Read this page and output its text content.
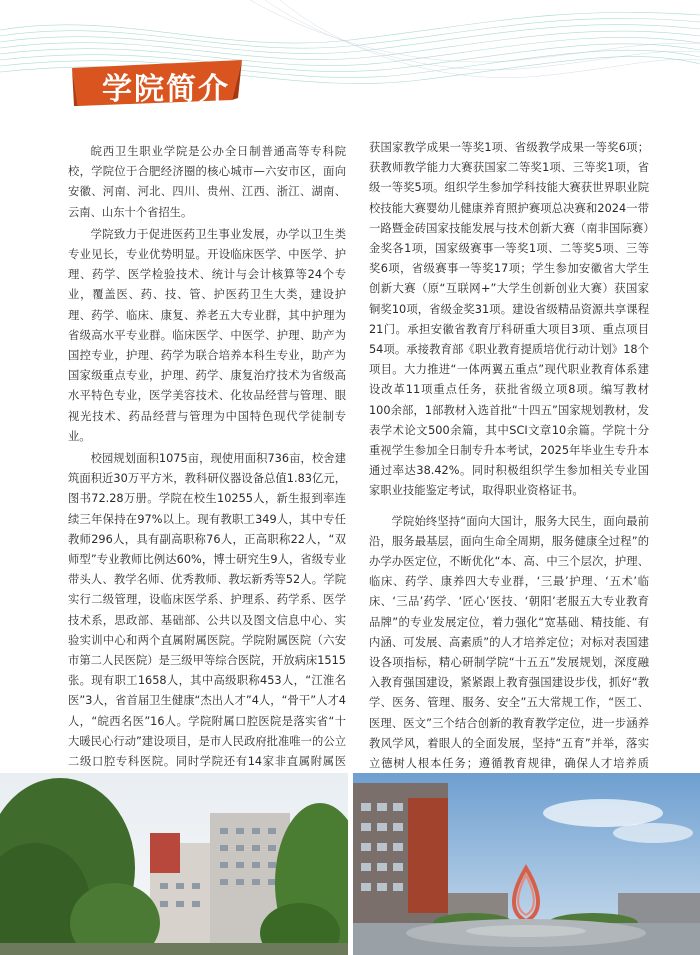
学院简介

皖西卫生职业学院是公办全日制普通高等专科院校，学院位于合肥经济圈的核心城市—六安市区，面向安徽、河南、河北、四川、贵州、江西、浙江、湖南、云南、山东十个省招生。

学院致力于促进医药卫生事业发展，办学以卫生类专业见长，专业优势明显。开设临床医学、中医学、护理、药学、医学检验技术、统计与会计核算等24个专业，覆盖医、药、技、管、护医药卫生大类，建设护理、药学、临床、康复、养老五大专业群，其中护理为省级高水平专业群。临床医学、中医学、护理、助产为国控专业，护理、药学为联合培养本科生专业，助产为国家级重点专业，护理、药学、康复治疗技术为省级高水平特色专业，医学美容技术、化妆品经营与管理、眼视光技术、药品经营与管理为中国特色现代学徒制专业。

校园规划面积1075亩，现使用面积736亩，校舍建筑面积近30万平方米，教科研仪器设备总值1.83亿元，图书72.28万册。学院在校生10255人，新生报到率连续三年保持在97%以上。现有教职工349人，其中专任教师296人，具有副高职称76人，正高职称22人，“双师型”专业教师比例达60%，博士研究生9人，省级专业带头人、教学名师、优秀教师、教坛新秀等52人。学院实行二级管理，设临床医学系、护理系、药学系、医学技术系，思政部、基础部、公共以及图文信息中心、实验实训中心和两个直属附属医院。学院附属医院（六安市第二人民医院）是三级甲等综合医院，开放病床1515张。现有职工1658人，其中高级职称453人，“江淮名医”3人，省首届卫生健康“杰出人才”4人，“骨干”人才4人，“皖西名医”16人。学院附属口腔医院是落实省“十大暖民心行动”建设项目，是市人民政府批准唯一的公立二级口腔专科医院。同时学院还有14家非直属附属医

获国家教学成果一等奖1项、省级教学成果一等奖6项；获教师教学能力大赛获国家二等奖1项、三等奖1项，省级一等奖5项。组织学生参加学科技能大赛获世界职业院校技能大赛婴幼儿健康养育照护赛项总决赛和2024一带一路暨金砖国家技能发展与技术创新大赛（南非国际赛）金奖各1项，国家级赛事一等奖1项、二等奖5项、三等奖6项，省级赛事一等奖17项；学生参加安徽省大学生创新大赛（原“互联网+”大学生创新创业大赛）获国家铜奖10项，省级金奖31项。建设省级精品资源共享课程21门。承担安徽省教育厅科研重大项目3项、重点项目54项。承接教育部《职业教育提质培优行动计划》18个项目。大力推进“一体两翼五重点”现代职业教育体系建设改革11项重点任务，获批省级立项8项。编写教材100余部，1部教材入选首批“十四五”国家规划教材，发表学术论文500余篇，其中SCI文章10余篇。学院十分重视学生参加全日制专升本考试，2025年毕业生专升本通过率达38.42%。同时积极组织学生参加相关专业国家职业技能鉴定考试，取得职业资格证书。

学院始终坚持“面向大国计，服务大民生，面向最前沿，服务最基层，面向生命全周期，服务健康全过程”的办学办医定位，不断优化“本、高、中三个层次，护理、临床、药学、康养四大专业群，‘三最’护理、‘五术’临床、‘三品’药学、‘匠心’医技、‘朝阳’老服五大专业教育品牌”的专业发展定位，着力强化“宽基础、精技能、有内涵、可发展、高素质”的人才培养定位；对标对表国建设各项指标，精心研制学院“十五五”发展规划，深度融入教育强国建设，紧紧跟上教育强国建设步伐，抓好“教学、医务、管理、服务、安全”五大常规工作，“医工、医理、医文”三个结合创新的教育教学定位，进一步涵养教风学风，着眼人的全面发展，坚持“五育”并举，落实立德树人根本任务；遵循教育规律，确保人才培养质
